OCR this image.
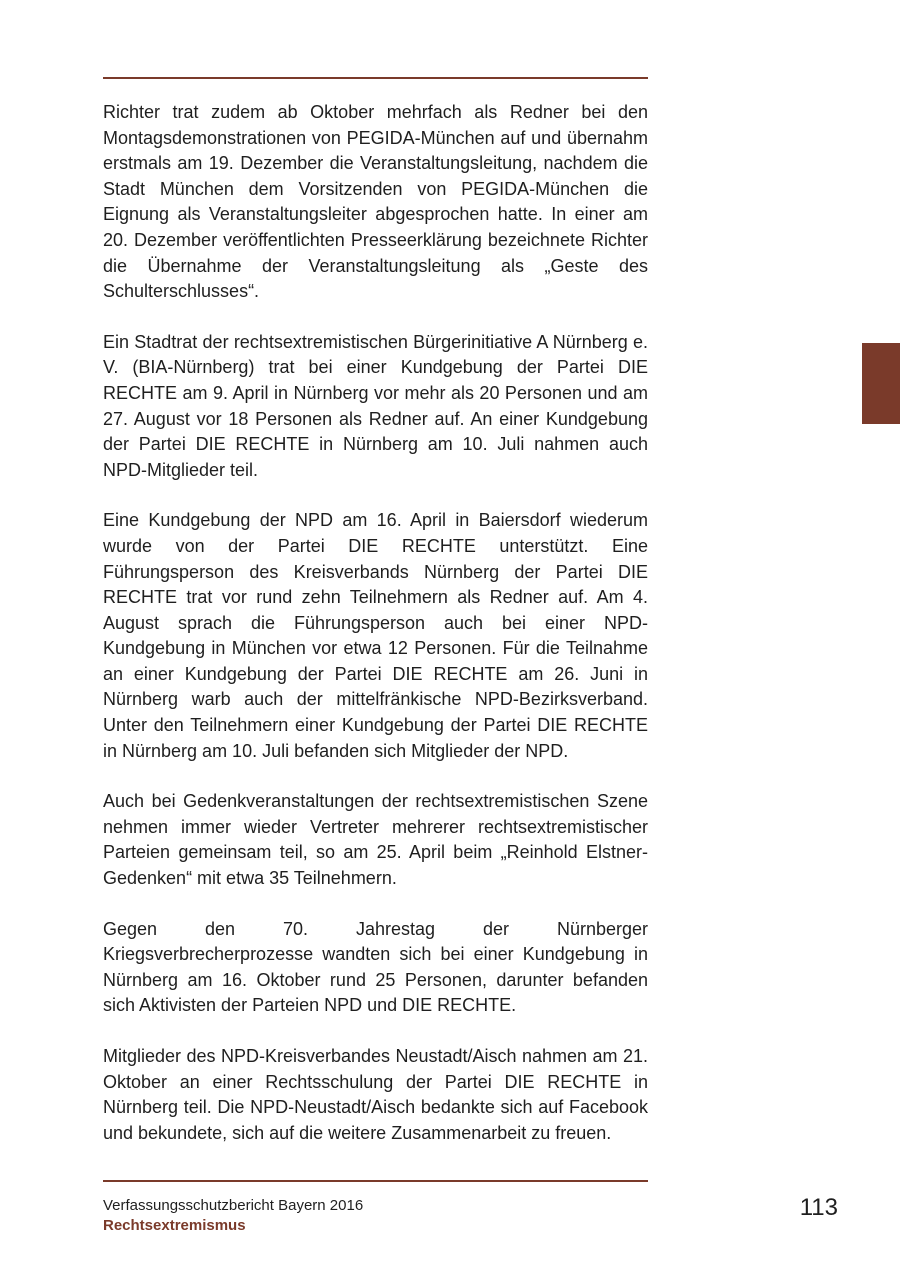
Richter trat zudem ab Oktober mehrfach als Redner bei den Montagsdemonstrationen von PEGIDA-München auf und übernahm erstmals am 19. Dezember die Veranstaltungsleitung, nachdem die Stadt München dem Vorsitzenden von PEGIDA-München die Eignung als Veranstaltungsleiter abgesprochen hatte. In einer am 20. Dezember veröffentlichten Presseerklärung bezeichnete Richter die Übernahme der Veranstaltungsleitung als „Geste des Schulterschlusses“.

Ein Stadtrat der rechtsextremistischen Bürgerinitiative A Nürnberg e. V. (BIA-Nürnberg) trat bei einer Kundgebung der Partei DIE RECHTE am 9. April in Nürnberg vor mehr als 20 Personen und am 27. August vor 18 Personen als Redner auf. An einer Kundgebung der Partei DIE RECHTE in Nürnberg am 10. Juli nahmen auch NPD-Mitglieder teil.

Eine Kundgebung der NPD am 16. April in Baiersdorf wiederum wurde von der Partei DIE RECHTE unterstützt. Eine Führungsperson des Kreisverbands Nürnberg der Partei DIE RECHTE trat vor rund zehn Teilnehmern als Redner auf. Am 4. August sprach die Führungsperson auch bei einer NPD-Kundgebung in München vor etwa 12 Personen. Für die Teilnahme an einer Kundgebung der Partei DIE RECHTE am 26. Juni in Nürnberg warb auch der mittelfränkische NPD-Bezirksverband. Unter den Teilnehmern einer Kundgebung der Partei DIE RECHTE in Nürnberg am 10. Juli befanden sich Mitglieder der NPD.

Auch bei Gedenkveranstaltungen der rechtsextremistischen Szene nehmen immer wieder Vertreter mehrerer rechtsextremistischer Parteien gemeinsam teil, so am 25. April beim „Reinhold Elstner-Gedenken“ mit etwa 35 Teilnehmern.

Gegen den 70. Jahrestag der Nürnberger Kriegsverbrecherprozesse wandten sich bei einer Kundgebung in Nürnberg am 16. Oktober rund 25 Personen, darunter befanden sich Aktivisten der Parteien NPD und DIE RECHTE.

Mitglieder des NPD-Kreisverbandes Neustadt/Aisch nahmen am 21. Oktober an einer Rechtsschulung der Partei DIE RECHTE in Nürnberg teil. Die NPD-Neustadt/Aisch bedankte sich auf Facebook und bekundete, sich auf die weitere Zusammenarbeit zu freuen.

Verfassungsschutzbericht Bayern 2016
Rechtsextremismus
113
